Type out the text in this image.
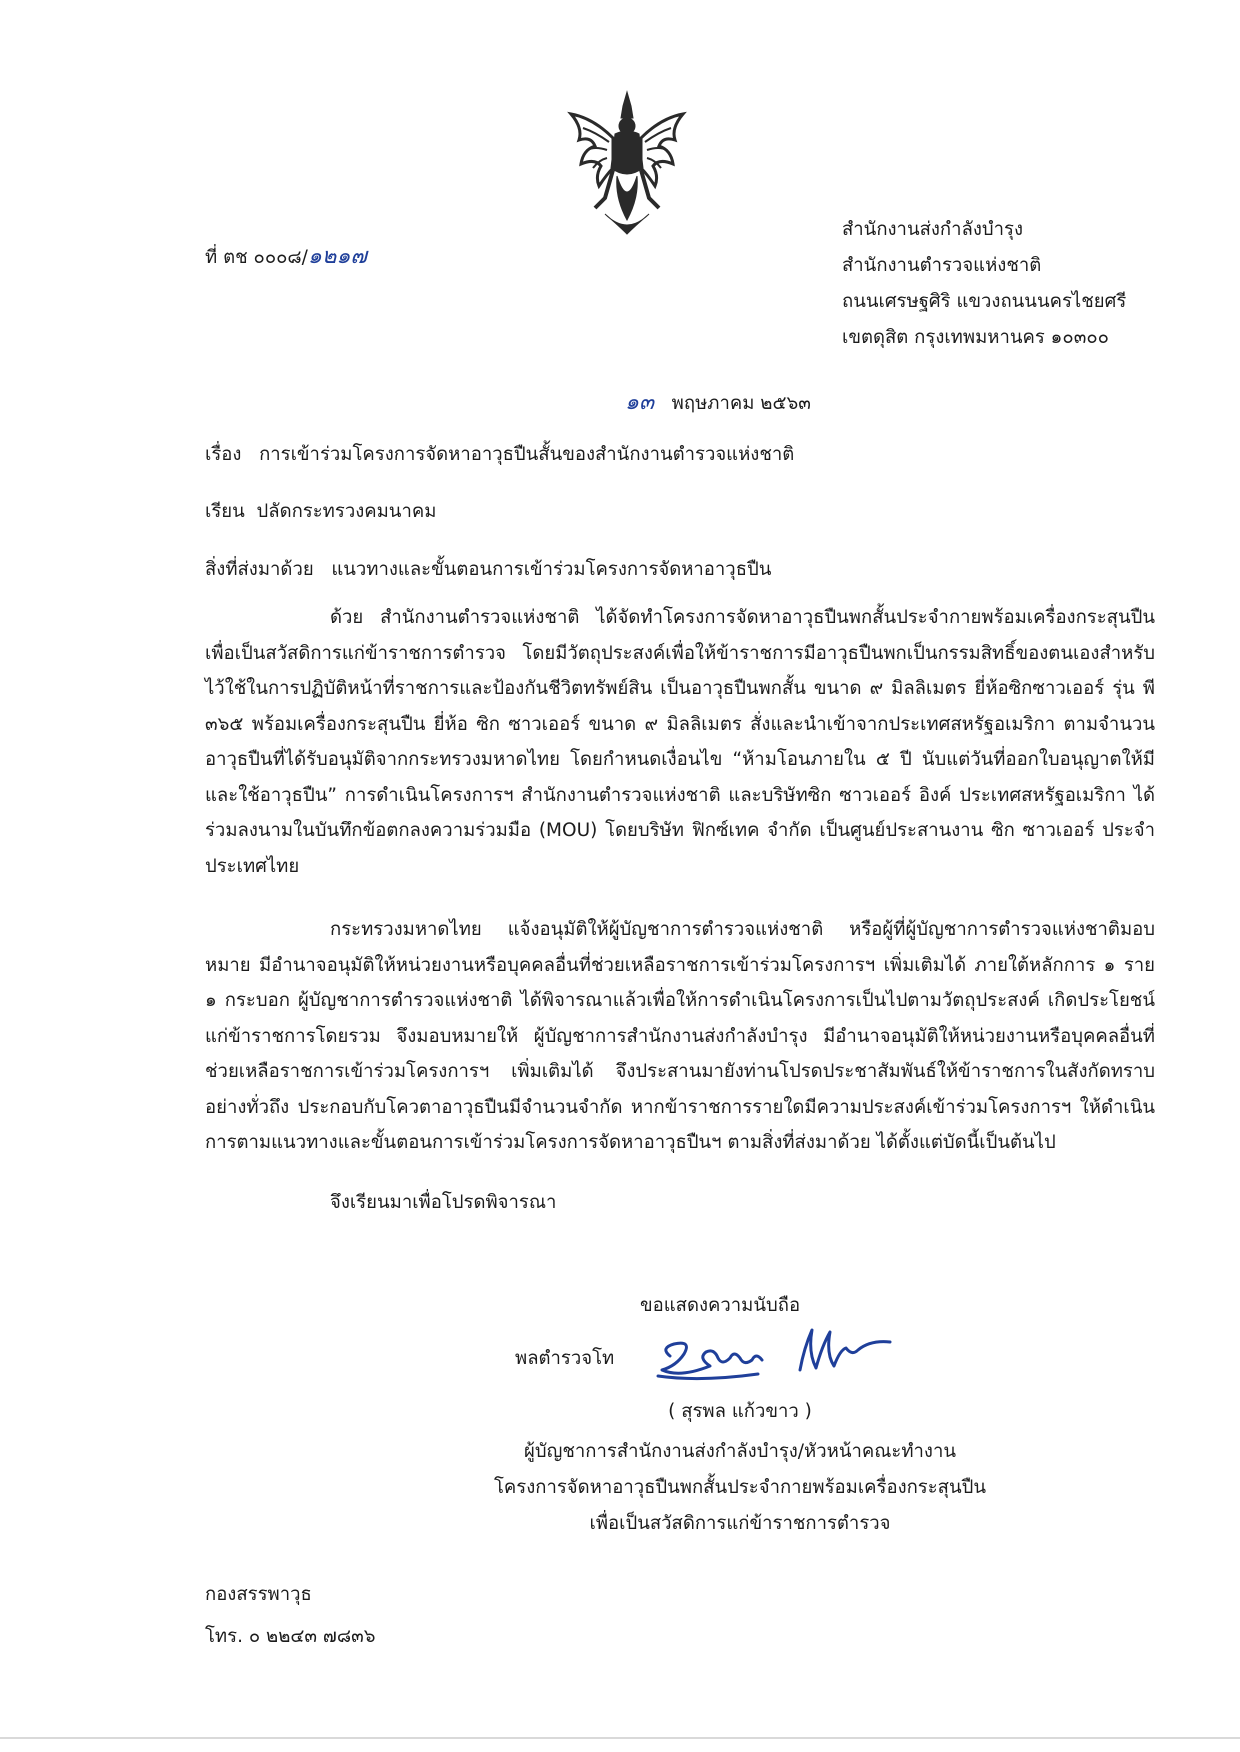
ที่ ตช ๐๐๐๘/๑๒๑๗
สำนักงานส่งกำลังบำรุง
สำนักงานตำรวจแห่งชาติ
ถนนเศรษฐศิริ แขวงถนนนครไชยศรี
เขตดุสิต กรุงเทพมหานคร ๑๐๓๐๐
๑๓ พฤษภาคม ๒๕๖๓
เรื่อง การเข้าร่วมโครงการจัดหาอาวุธปืนสั้นของสำนักงานตำรวจแห่งชาติ
เรียน ปลัดกระทรวงคมนาคม
สิ่งที่ส่งมาด้วย แนวทางและขั้นตอนการเข้าร่วมโครงการจัดหาอาวุธปืน

ด้วย สำนักงานตำรวจแห่งชาติ ได้จัดทำโครงการจัดหาอาวุธปืนพกสั้นประจำกายพร้อมเครื่องกระสุนปืนเพื่อเป็นสวัสดิการแก่ข้าราชการตำรวจ โดยมีวัตถุประสงค์เพื่อให้ข้าราชการมีอาวุธปืนพกเป็นกรรมสิทธิ์ของตนเองสำหรับไว้ใช้ในการปฏิบัติหน้าที่ราชการและป้องกันชีวิตทรัพย์สิน เป็นอาวุธปืนพกสั้น ขนาด ๙ มิลลิเมตร ยี่ห้อซิกซาวเออร์ รุ่น พี ๓๖๕ พร้อมเครื่องกระสุนปืน ยี่ห้อ ซิก ซาวเออร์ ขนาด ๙ มิลลิเมตร สั่งและนำเข้าจากประเทศสหรัฐอเมริกา ตามจำนวนอาวุธปืนที่ได้รับอนุมัติจากกระทรวงมหาดไทย โดยกำหนดเงื่อนไข “ห้ามโอนภายใน ๕ ปี นับแต่วันที่ออกใบอนุญาตให้มีและใช้อาวุธปืน” การดำเนินโครงการฯ สำนักงานตำรวจแห่งชาติ และบริษัทซิก ซาวเออร์ อิงค์ ประเทศสหรัฐอเมริกา ได้ร่วมลงนามในบันทึกข้อตกลงความร่วมมือ (MOU) โดยบริษัท ฟิกซ์เทค จำกัด เป็นศูนย์ประสานงาน ซิก ซาวเออร์ ประจำประเทศไทย

กระทรวงมหาดไทย แจ้งอนุมัติให้ผู้บัญชาการตำรวจแห่งชาติ หรือผู้ที่ผู้บัญชาการตำรวจแห่งชาติมอบหมาย มีอำนาจอนุมัติให้หน่วยงานหรือบุคคลอื่นที่ช่วยเหลือราชการเข้าร่วมโครงการฯ เพิ่มเติมได้ ภายใต้หลักการ ๑ ราย ๑ กระบอก ผู้บัญชาการตำรวจแห่งชาติ ได้พิจารณาแล้วเพื่อให้การดำเนินโครงการเป็นไปตามวัตถุประสงค์ เกิดประโยชน์แก่ข้าราชการโดยรวม จึงมอบหมายให้ ผู้บัญชาการสำนักงานส่งกำลังบำรุง มีอำนาจอนุมัติให้หน่วยงานหรือบุคคลอื่นที่ช่วยเหลือราชการเข้าร่วมโครงการฯ เพิ่มเติมได้ จึงประสานมายังท่านโปรดประชาสัมพันธ์ให้ข้าราชการในสังกัดทราบอย่างทั่วถึง ประกอบกับโควตาอาวุธปืนมีจำนวนจำกัด หากข้าราชการรายใดมีความประสงค์เข้าร่วมโครงการฯ ให้ดำเนินการตามแนวทางและขั้นตอนการเข้าร่วมโครงการจัดหาอาวุธปืนฯ ตามสิ่งที่ส่งมาด้วย ได้ตั้งแต่บัดนี้เป็นต้นไป

จึงเรียนมาเพื่อโปรดพิจารณา
ขอแสดงความนับถือ
พลตำรวจโท
( สุรพล แก้วขาว )
ผู้บัญชาการสำนักงานส่งกำลังบำรุง/หัวหน้าคณะทำงาน
โครงการจัดหาอาวุธปืนพกสั้นประจำกายพร้อมเครื่องกระสุนปืน
เพื่อเป็นสวัสดิการแก่ข้าราชการตำรวจ
กองสรรพาวุธ
โทร. ๐ ๒๒๔๓ ๗๘๓๖
